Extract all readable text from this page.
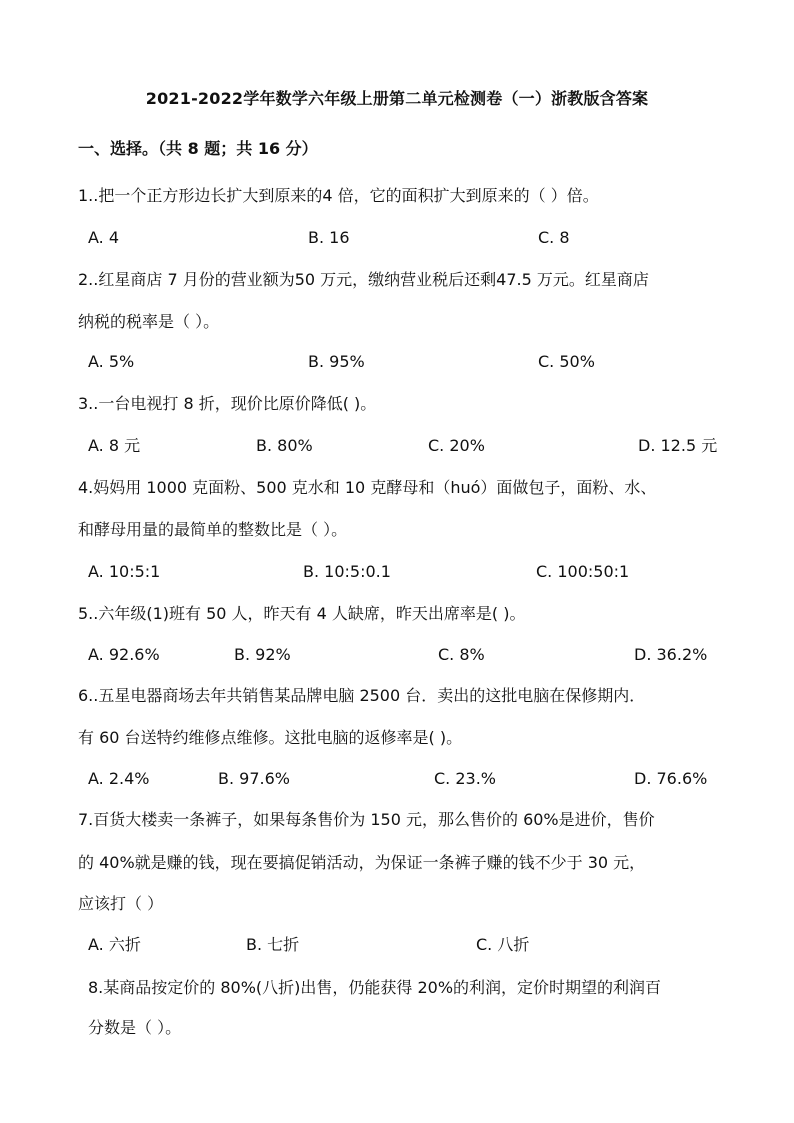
2021-2022学年数学六年级上册第二单元检测卷（一）浙教版含答案
一、选择。（共 8 题；共 16 分）
1..把一个正方形边长扩大到原来的4 倍，它的面积扩大到原来的（ ）倍。
A. 4	B. 16	C. 8
2..红星商店 7 月份的营业额为50 万元，缴纳营业税后还剩47.5 万元。红星商店
纳税的税率是（ ）。
A. 5%	B. 95%	C. 50%
3..一台电视打 8 折，现价比原价降低( )。
A. 8 元	B. 80%	C. 20%	D. 12.5 元
4.妈妈用 1000 克面粉、500 克水和 10 克酵母和（huó）面做包子，面粉、水、
和酵母用量的最简单的整数比是（ ）。
A. 10:5:1	B. 10:5:0.1	C. 100:50:1
5..六年级(1)班有 50 人，昨天有 4 人缺席，昨天出席率是( )。
A. 92.6%	B. 92%	C. 8%	D. 36.2%
6..五星电器商场去年共销售某品牌电脑 2500 台．卖出的这批电脑在保修期内．
有 60 台送特约维修点维修。这批电脑的返修率是( )。
A. 2.4%	B. 97.6%	C. 23.%	D. 76.6%
7.百货大楼卖一条裤子，如果每条售价为 150 元，那么售价的 60%是进价，售价
的 40%就是赚的钱，现在要搞促销活动，为保证一条裤子赚的钱不少于 30 元，
应该打（ ）
A. 六折	B. 七折	C. 八折
8.某商品按定价的 80%(八折)出售，仍能获得 20%的利润，定价时期望的利润百
分数是（ ）。
